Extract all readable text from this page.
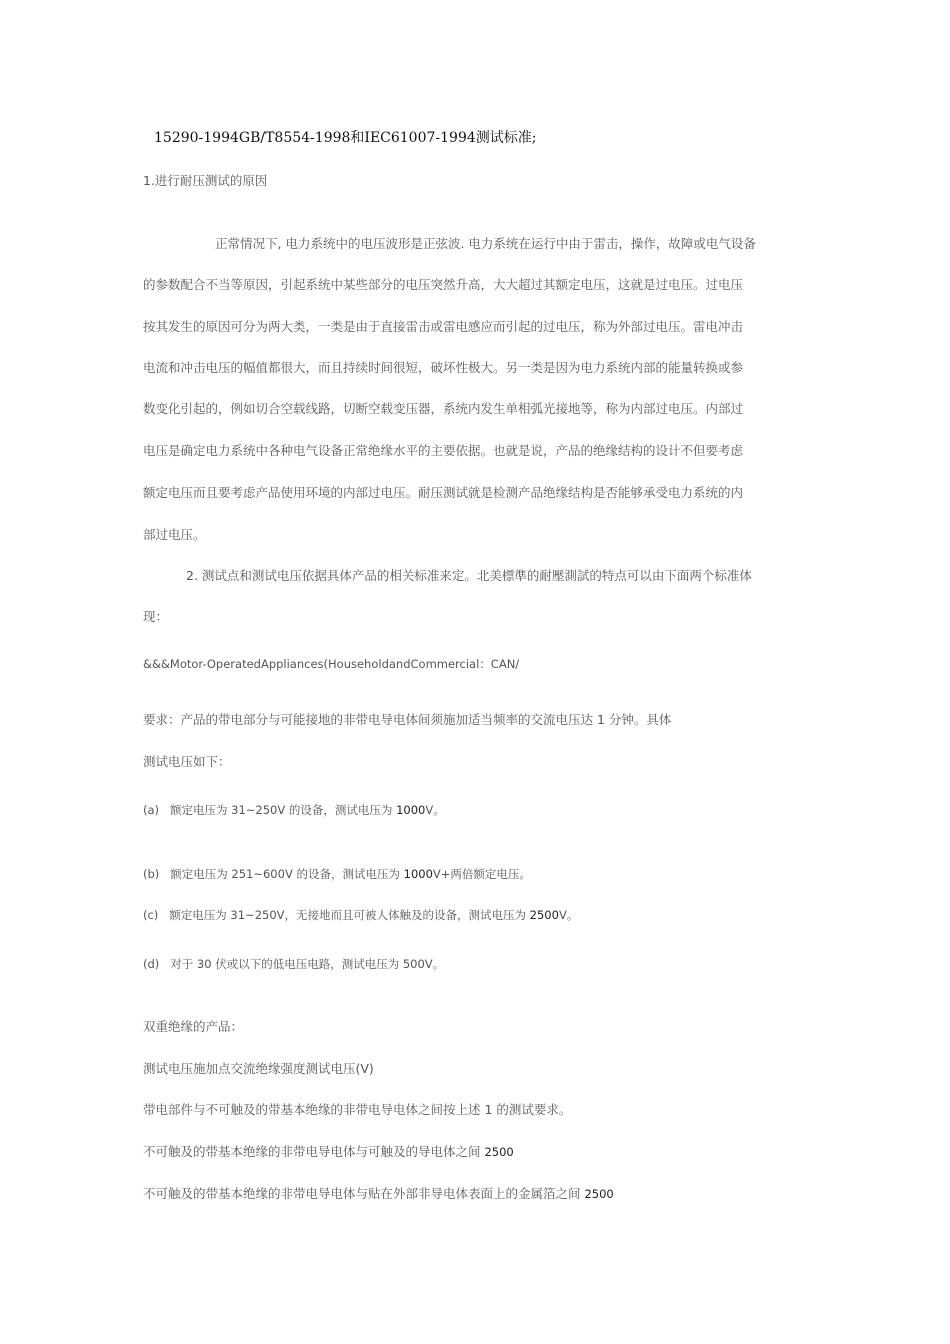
15290-1994GB/T8554-1998和IEC61007-1994测试标准;
1.进行耐压测试的原因
正常情况下, 电力系统中的电压波形是正弦波. 电力系统在运行中由于雷击，操作，故障或电气设备
的参数配合不当等原因，引起系统中某些部分的电压突然升高，大大超过其额定电压，这就是过电压。过电压
按其发生的原因可分为两大类，一类是由于直接雷击或雷电感应而引起的过电压，称为外部过电压。雷电冲击
电流和冲击电压的幅值都很大，而且持续时间很短，破坏性极大。另一类是因为电力系统内部的能量转换或参
数变化引起的，例如切合空载线路，切断空载变压器，系统内发生单相弧光接地等，称为内部过电压。内部过
电压是确定电力系统中各种电气设备正常绝缘水平的主要依据。也就是说，产品的绝缘结构的设计不但要考虑
额定电压而且要考虑产品使用环境的内部过电压。耐压测试就是检测产品绝缘结构是否能够承受电力系统的内
部过电压。
2. 测试点和测试电压依据具体产品的相关标准来定。北美標準的耐壓測試的特点可以由下面两个标准体
现：
&&&Motor-OperatedAppliances(HouseholdandCommercial：CAN/
要求：产品的带电部分与可能接地的非带电导电体间须施加适当频率的交流电压达 1 分钟。具体
测试电压如下：
(a) 额定电压为 31~250V 的设备，测试电压为 1000V。
(b) 额定电压为 251~600V 的设备，测试电压为 1000V+两倍额定电压。
(c) 额定电压为 31~250V，无接地而且可被人体触及的设备，测试电压为 2500V。
(d) 对于 30 伏或以下的低电压电路，测试电压为 500V。
双重绝缘的产品：
测试电压施加点交流绝缘强度测试电压(V)
带电部件与不可触及的带基本绝缘的非带电导电体之间按上述 1 的测试要求。
不可触及的带基本绝缘的非带电导电体与可触及的导电体之间 2500
不可触及的带基本绝缘的非带电导电体与贴在外部非导电体表面上的金属箔之间 2500
